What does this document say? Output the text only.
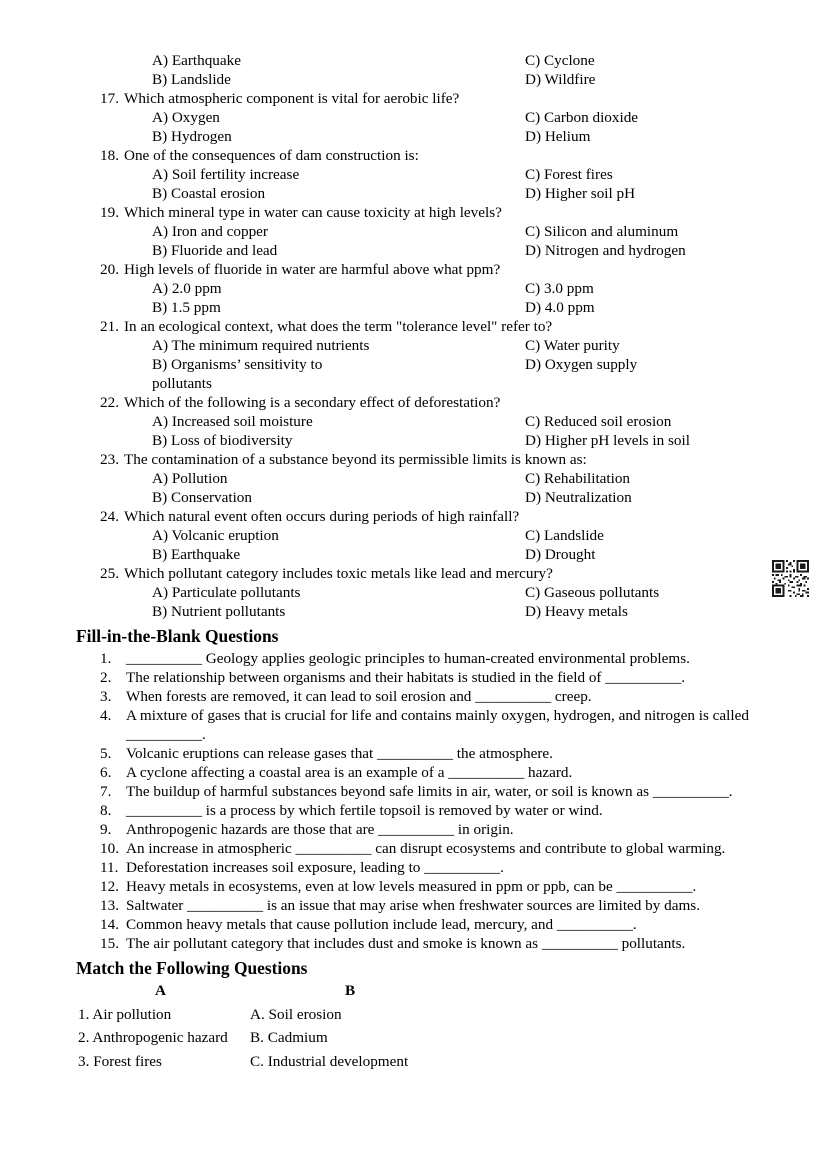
A) Earthquake	C) Cyclone
B) Landslide	D) Wildfire
17. Which atmospheric component is vital for aerobic life?
A) Oxygen	C) Carbon dioxide
B) Hydrogen	D) Helium
18. One of the consequences of dam construction is:
A) Soil fertility increase	C) Forest fires
B) Coastal erosion	D) Higher soil pH
19. Which mineral type in water can cause toxicity at high levels?
A) Iron and copper	C) Silicon and aluminum
B) Fluoride and lead	D) Nitrogen and hydrogen
20. High levels of fluoride in water are harmful above what ppm?
A) 2.0 ppm	C) 3.0 ppm
B) 1.5 ppm	D) 4.0 ppm
21. In an ecological context, what does the term "tolerance level" refer to?
A) The minimum required nutrients	C) Water purity
B) Organisms’ sensitivity to	D) Oxygen supply
pollutants
22. Which of the following is a secondary effect of deforestation?
A) Increased soil moisture	C) Reduced soil erosion
B) Loss of biodiversity	D) Higher pH levels in soil
23. The contamination of a substance beyond its permissible limits is known as:
A) Pollution	C) Rehabilitation
B) Conservation	D) Neutralization
24. Which natural event often occurs during periods of high rainfall?
A) Volcanic eruption	C) Landslide
B) Earthquake	D) Drought
25. Which pollutant category includes toxic metals like lead and mercury?
A) Particulate pollutants	C) Gaseous pollutants
B) Nutrient pollutants	D) Heavy metals
Fill-in-the-Blank Questions
1. __________ Geology applies geologic principles to human-created environmental problems.
2. The relationship between organisms and their habitats is studied in the field of __________.
3. When forests are removed, it can lead to soil erosion and __________ creep.
4. A mixture of gases that is crucial for life and contains mainly oxygen, hydrogen, and nitrogen is called __________.
5. Volcanic eruptions can release gases that __________ the atmosphere.
6. A cyclone affecting a coastal area is an example of a __________ hazard.
7. The buildup of harmful substances beyond safe limits in air, water, or soil is known as __________.
8. __________ is a process by which fertile topsoil is removed by water or wind.
9. Anthropogenic hazards are those that are __________ in origin.
10. An increase in atmospheric __________ can disrupt ecosystems and contribute to global warming.
11. Deforestation increases soil exposure, leading to __________.
12. Heavy metals in ecosystems, even at low levels measured in ppm or ppb, can be __________.
13. Saltwater __________ is an issue that may arise when freshwater sources are limited by dams.
14. Common heavy metals that cause pollution include lead, mercury, and __________.
15. The air pollutant category that includes dust and smoke is known as __________ pollutants.
Match the Following Questions
A	B
1. Air pollution	A. Soil erosion
2. Anthropogenic hazard	B. Cadmium
3. Forest fires	C. Industrial development
